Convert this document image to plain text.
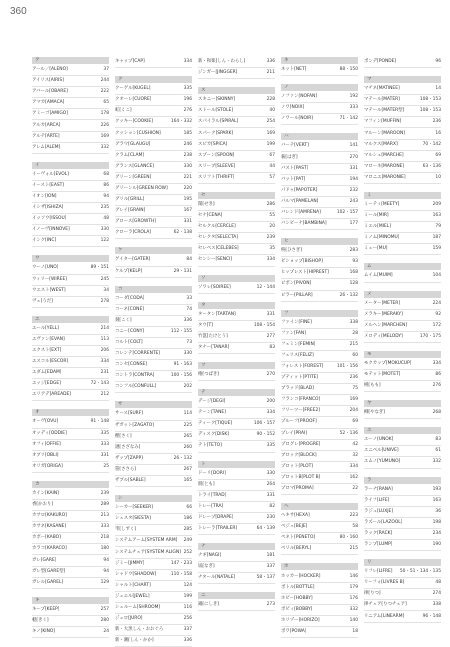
360
ア
アール／[ALENO]	37
アイリス[AIRIS]	244
アバール[OBARE]	222
アマカ[AMACA]	65
アミーゴ[AMIGO]	178
アルカ[ARCA]	226
アルテ[ARTE]	169
アレム[ALEM]	332
イ
イーヴォル[EVOL]	68
イースト[EAST]	86
イオン[ION]	94
イシザ[ISHIZA]	235
イッソウ[ISSOU]	48
イノーヴ[INNOVE]	330
インク[INC]	122
ウ
ウーノ[UNO]	89・151
ウィリー[WIREE]	245
ウエスト[WEST]	34
ヴェ[うだ]	278
エ
エール[YELL]	214
エヴァン[EVAN]	113
エクスト[EXT]	206
エスコル[ESCOR]	334
エダム[EDAM]	231
エッジ[EDGE]	72・143
エリアデ[AREADE]	212
オ
オーヴ[OVU]	91・148
オッディ[ODDIE]	335
オフィ[OFFIE]	333
オブリ[OBLI]	331
オリガ[ORIGA]	25
カ
カイン[KAIN]	239
香[かおり]	289
カサロ[KAKURO]	213
カサネ[KASANE]	333
カボー[KABO]	218
カラコ[KARACO]	180
ガレ[GARE]	94
ガレ型[GARE型]	94
ガレル[GAREL]	129
キ
キープ[KEEP]	257
軽[きく]	280
キノ[KINO]	24
キャップ[CAP]	334
ク
クーゲル[KUGEL]	335
クオーレ[CUORE]	196
虹[くこ]	276
クッキー[COOKIE]	164・332
クッション[CUSHION]	185
グラウ[GLAUGU]	246
クラム[CLAM]	238
グランス[GLANCE]	330
グリーン[GREEN]	221
グリーンル[GREEN ROW]	220
グリル[GRILL]	195
グレイ[GRAIN]	167
グロース[GROWTH]	331
クローラ[CROLA]	62・138
ケ
ゲイター[GATER]	84
ケルプ[KELP]	29・131
コ
コーダ[CODA]	33
コーネ[CONE]	74
刻[こく]	336
コニー[CONY]	112・155
コルト[COLT]	73
コレンテ[CORRENTE]	330
コンセ[CONSE]	91・163
コントラ[CONTRA]	100・156
コンフル[CONFULL]	202
サ
サース[SURF]	114
ザガット[ZAGATO]	225
樫[さく]	265
漣[さざなみ]	260
ザップ[ZAPP]	26・132
笹[ささら]	267
ザブル[SABLE]	165
シ
シーカー[SEEKER]	66
シェスタ[SIESTA]	186
雫[しずく]	285
システムアーム[SYSTEM ARM]	249
システムチェア[SYSTEM ALIGN] 252
ジミー[JIMMY]	147・233
シャドウ[SHADOW]	110・158
シャルト[CHART]	124
ジュエル[JEWEL]	199
シュルーム[SHROOM]	116
ジュロ[JURO]	256
新・大黒しん・おおぐろ	337
新・潮[しん・かか]	336
新・和楽[しん・わらし]	336
ジンガー[JINGGER]	211
ス
スキニー[SKINNY]	228
ストール[STOLE]	40
スパイラル[SPIRAL]	254
スパーク[SPARK]	169
スピカ[SPICA]	199
スプーン[SPOON]	67
スリーブ[SLEEVE]	44
スリフト[THRIFT]	57
セ
閑[せき]	286
セナ[CENA]	55
セルクル[CERCLE]	20
セレクタ[SELECTA]	239
セレベス[CELEBES]	35
センシー[SENCI]	334
ソ
ソワレ[SOIREE]	12・144
タ
タータン[TARTAN]	331
タウ[T]	108・154
竹箆[たけとう]	277
タナー[TANAR]	83
ツ
椿[つばき]	270
テ
デージ[DEGI]	200
テーン[TANE]	334
ティーク[TIQUE]	106・157
ディスク[DISK]	90・152
テト[TETO]	335
ト
ドーリ[DORI]	330
朋[とも]	264
トライ[TRAD]	331
トレー[TRA]	82
ドレープ[DRAPE]	230
トレーラ[TRAILER]	64・139
ナ
ナギ[NAGI]	181
凪[なぎ]	337
ナタール[NATALE]	58・137
ニ
錦[にしき]	273
ネ
ネット[NET]	88・150
ノ
ノファン[NOFAN]	192
ノワ[NOIX]	333
ノワール[NOIR]	71・142
ハ
バーテ[VERT]	141
萩[はぎ]	270
バスト[PAST]	331
バット[PAT]	194
パドゥ[PAPOTER]	232
パルマ[PAMELAN]	243
バレンド[AMRENA]	102・157
バンビーナ[BAMBINA]	177
ヒ
柊[ひさぎ]	283
ビショップ[BISHOP]	93
ヒップレスト[HIPREST]	168
ピボン[PIVON]	128
ピラー[PILLAR]	26・132
フ
ファイン[FINE]	338
ファン[FAN]	28
フェミン[FEMIN]	215
フェリス[FELIZ]	60
フォレスト[FOREST]	101・156
プティット[PTITE]	236
ブラッド[BLAD]	75
フランコ[FRANCO]	169
フリーツー[FREE2]	204
プルーフ[PROOF]	69
プレイ[PRAI]	52・136
プログレ[PROGRE]	42
ブロック[BLOCK]	32
プロット[PLOT]	334
プロットB[PLOT B]	162
プロマ[PROMA]	22
ヘ
ヘキサ[HEXA]	223
ベジェ[BEJE]	58
ペネト[PENETO]	80・160
ベリル[BERYL]	215
ホ
ホッカー[HOCKER]	146
ボトル[BOTTLE]	179
ホビー[HOBBY]	176
ボビィ[BOBBY]	332
ホリゾー[HORIZO]	140
ポワ[POWA]	18
ポンデ[PONDE]	96
マ
マチネ[MATINEE]	14
マテール[MATER]	108・153
マテール[MATER型]	108・153
マフィン[MUFFIN]	236
マルーン[MAROON]	16
マルクス[MARX]	70・142
マルシュ[MARCHE]	69
マローネ[MARONE]	63・136
マロニエ[MARONIE]	10
ミ
ミーティ[MEETY]	209
ミール[MIR]	163
ミエル[MIEL]	79
ミノム[MINOMU]	187
ミュー[MU]	159
ム
ムイム[MUIM]	104
メ
メーター[METER]	224
メラキー[MERAKY]	92
メルヘン[MARCHEN]	172
メロディ[MELODY]	170・175
モ
モクカップ[MOKUCUP]	334
モテット[MOTET]	86
桃[もも]	276
ヤ
柳[やなぎ]	268
ユ
ユーノ[UNOK]	83
ユニベル[UNIVE]	61
ユムノ[YUMUNO]	332
ラ
ラーナ[RANA]	193
ライフ[LIFE]	163
ラジュ[LUXJE]	36
ラズール[LAZOOL]	198
ラック[RACK]	234
ランプ[LUMP]	190
リ
リフレ[LIFRE]	50・51・134・135
リーフォ[LIVRES B]	48
律[りつ]	274
律チェア[りつチェア]	338
リニアム[LINEARM]	96・148
